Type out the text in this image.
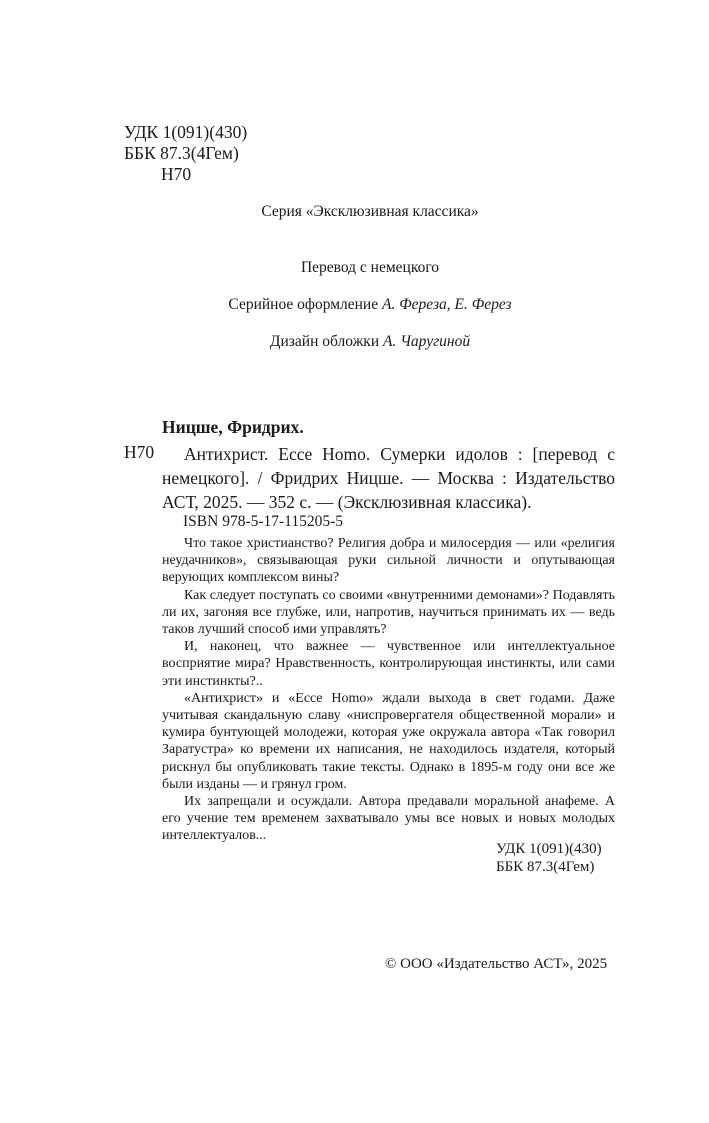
УДК 1(091)(430)
ББК 87.3(4Гем)
Н70
Серия «Эксклюзивная классика»
Перевод с немецкого
Серийное оформление А. Фереза, Е. Ферез
Дизайн обложки А. Чаругиной
Ницше, Фридрих.
Н70	Антихрист. Ecce Homo. Сумерки идолов : [перевод с немецкого]. / Фридрих Ницше. — Москва : Издательство АСТ, 2025. — 352 с. — (Эксклюзивная классика).
ISBN 978-5-17-115205-5

Что такое христианство? Религия добра и милосердия — или «религия неудачников», связывающая руки сильной личности и опутывающая верующих комплексом вины?

Как следует поступать со своими «внутренними демонами»? Подавлять ли их, загоняя все глубже, или, напротив, научиться принимать их — ведь таков лучший способ ими управлять?

И, наконец, что важнее — чувственное или интеллектуальное восприятие мира? Нравственность, контролирующая инстинкты, или сами эти инстинкты?..

«Антихрист» и «Ecce Homo» ждали выхода в свет годами. Даже учитывая скандальную славу «ниспровергателя общественной морали» и кумира бунтующей молодежи, которая уже окружала автора «Так говорил Заратустра» ко времени их написания, не находилось издателя, который рискнул бы опубликовать такие тексты. Однако в 1895-м году они все же были изданы — и грянул гром.

Их запрещали и осуждали. Автора предавали моральной анафеме. А его учение тем временем захватывало умы все новых и новых молодых интеллектуалов...

УДК 1(091)(430)
ББК 87.3(4Гем)
© ООО «Издательство АСТ», 2025
